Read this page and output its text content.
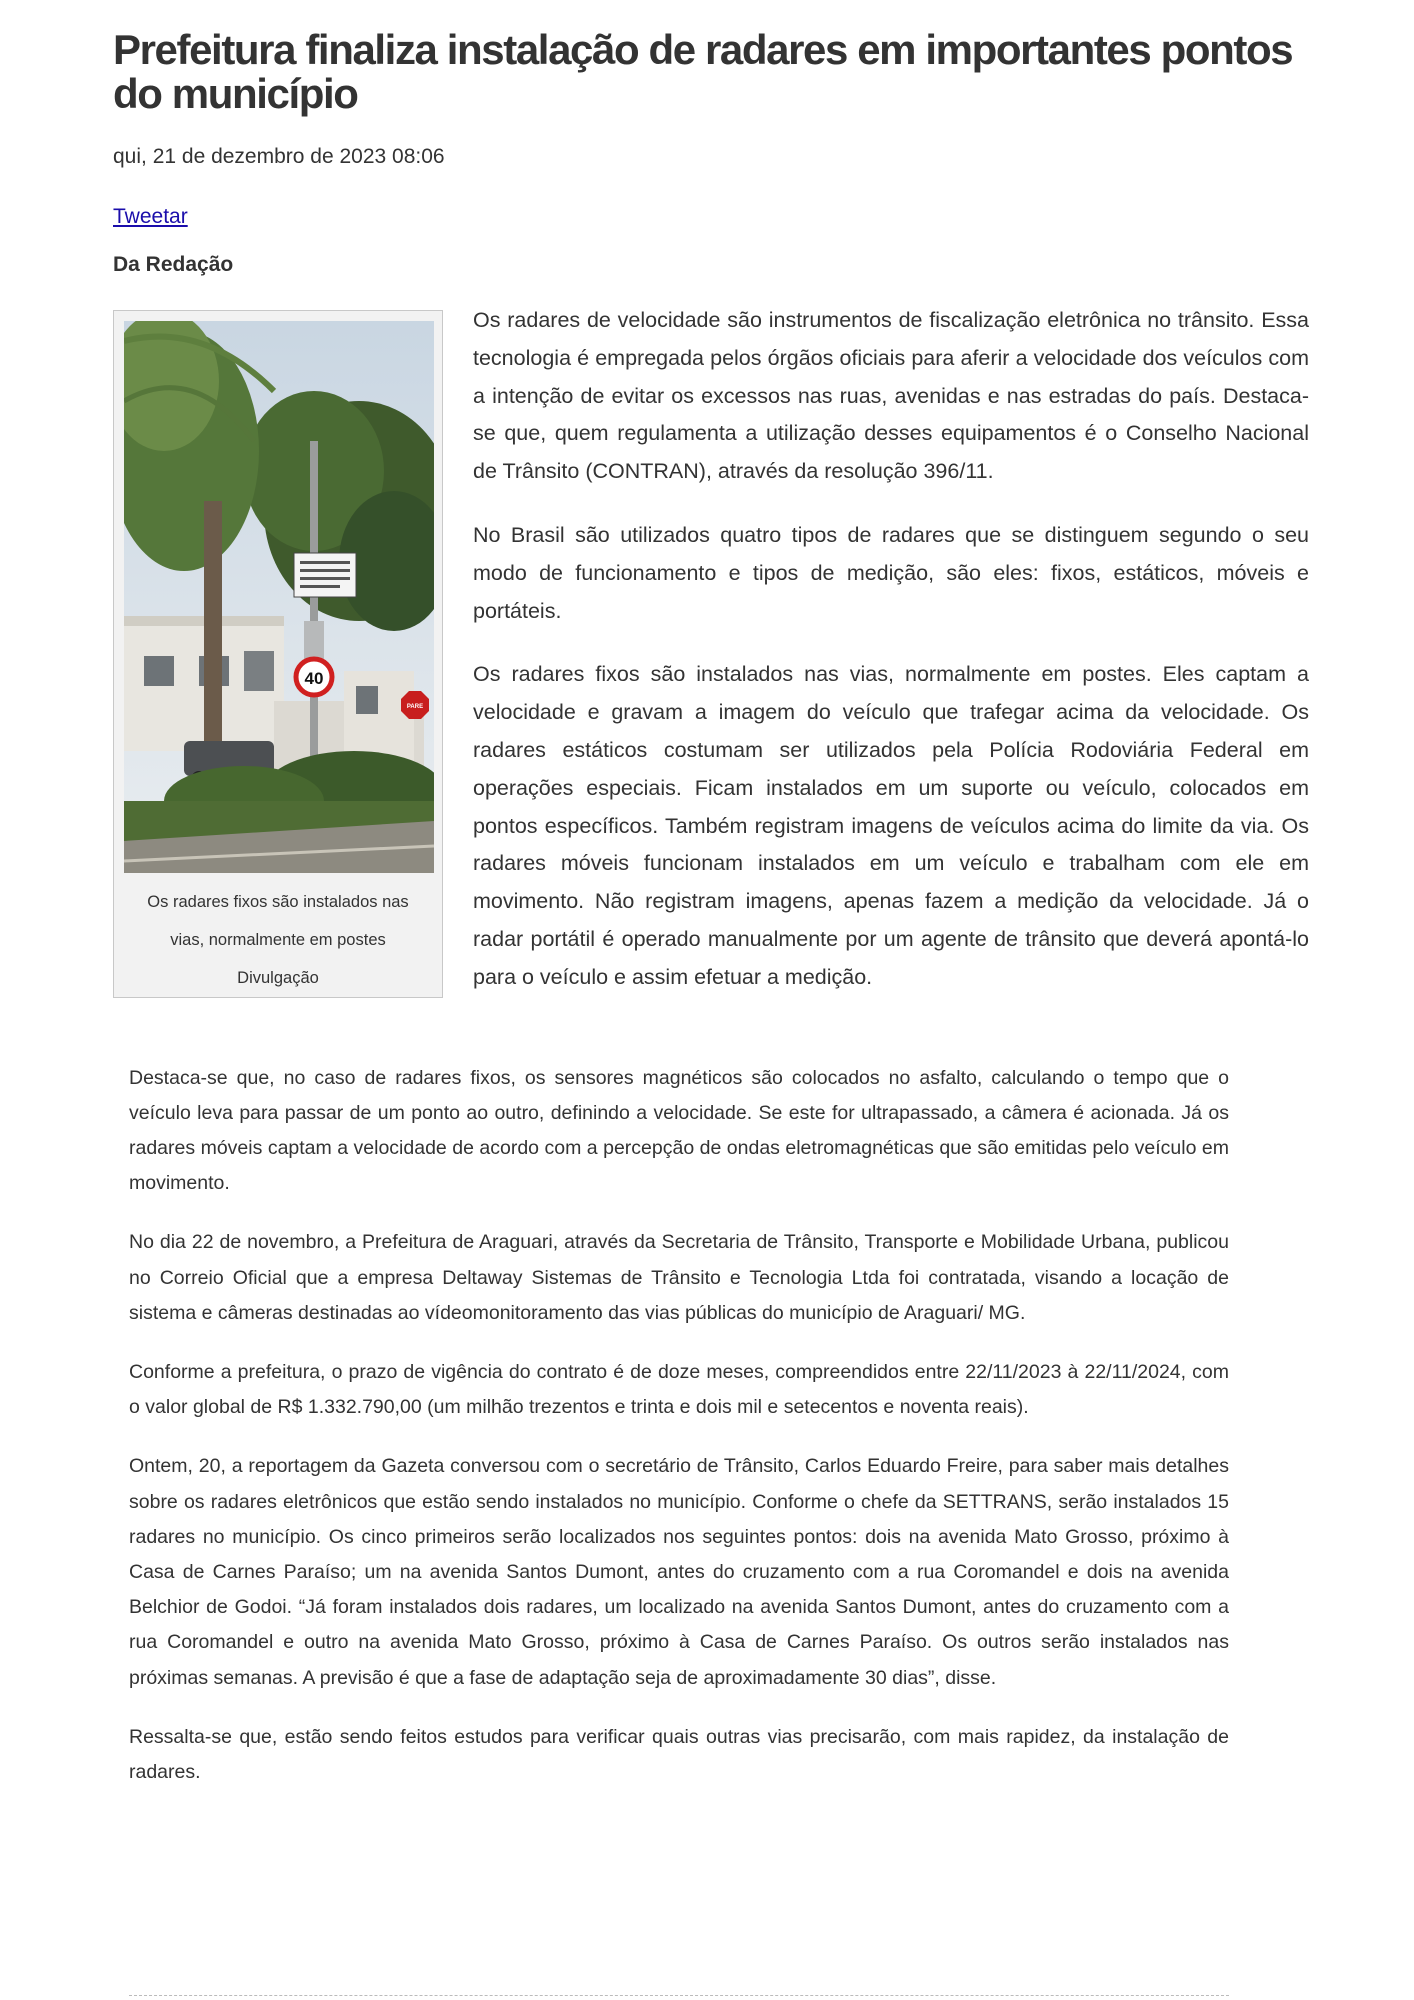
Prefeitura finaliza instalação de radares em importantes pontos do município
qui, 21 de dezembro de 2023 08:06
Tweetar
Da Redação
40
PARE
Os radares fixos são instalados nas
vias, normalmente em postes
Divulgação

Os radares de velocidade são instrumentos de fiscalização eletrônica no trânsito. Essa tecnologia é empregada pelos órgãos oficiais para aferir a velocidade dos veículos com a intenção de evitar os excessos nas ruas, avenidas e nas estradas do país. Destaca-se que, quem regulamenta a utilização desses equipamentos é o Conselho Nacional de Trânsito (CONTRAN), através da resolução 396/11.

No Brasil são utilizados quatro tipos de radares que se distinguem segundo o seu modo de funcionamento e tipos de medição, são eles: fixos, estáticos, móveis e portáteis.

Os radares fixos são instalados nas vias, normalmente em postes. Eles captam a velocidade e gravam a imagem do veículo que trafegar acima da velocidade. Os radares estáticos costumam ser utilizados pela Polícia Rodoviária Federal em operações especiais. Ficam instalados em um suporte ou veículo, colocados em pontos específicos. Também registram imagens de veículos acima do limite da via. Os radares móveis funcionam instalados em um veículo e trabalham com ele em movimento. Não registram imagens, apenas fazem a medição da velocidade. Já o radar portátil é operado manualmente por um agente de trânsito que deverá apontá-lo para o veículo e assim efetuar a medição.

Destaca-se que, no caso de radares fixos, os sensores magnéticos são colocados no asfalto, calculando o tempo que o veículo leva para passar de um ponto ao outro, definindo a velocidade. Se este for ultrapassado, a câmera é acionada. Já os radares móveis captam a velocidade de acordo com a percepção de ondas eletromagnéticas que são emitidas pelo veículo em movimento.

No dia 22 de novembro, a Prefeitura de Araguari, através da Secretaria de Trânsito, Transporte e Mobilidade Urbana, publicou no Correio Oficial que a empresa Deltaway Sistemas de Trânsito e Tecnologia Ltda foi contratada, visando a locação de sistema e câmeras destinadas ao vídeomonitoramento das vias públicas do município de Araguari/ MG.

Conforme a prefeitura, o prazo de vigência do contrato é de doze meses, compreendidos entre 22/11/2023 à 22/11/2024, com o valor global de R$ 1.332.790,00 (um milhão trezentos e trinta e dois mil e setecentos e noventa reais).

Ontem, 20, a reportagem da Gazeta conversou com o secretário de Trânsito, Carlos Eduardo Freire, para saber mais detalhes sobre os radares eletrônicos que estão sendo instalados no município. Conforme o chefe da SETTRANS, serão instalados 15 radares no município. Os cinco primeiros serão localizados nos seguintes pontos: dois na avenida Mato Grosso, próximo à Casa de Carnes Paraíso; um na avenida Santos Dumont, antes do cruzamento com a rua Coromandel e dois na avenida Belchior de Godoi. “Já foram instalados dois radares, um localizado na avenida Santos Dumont, antes do cruzamento com a rua Coromandel e outro na avenida Mato Grosso, próximo à Casa de Carnes Paraíso. Os outros serão instalados nas próximas semanas. A previsão é que a fase de adaptação seja de aproximadamente 30 dias”, disse.

Ressalta-se que, estão sendo feitos estudos para verificar quais outras vias precisarão, com mais rapidez, da instalação de radares.
